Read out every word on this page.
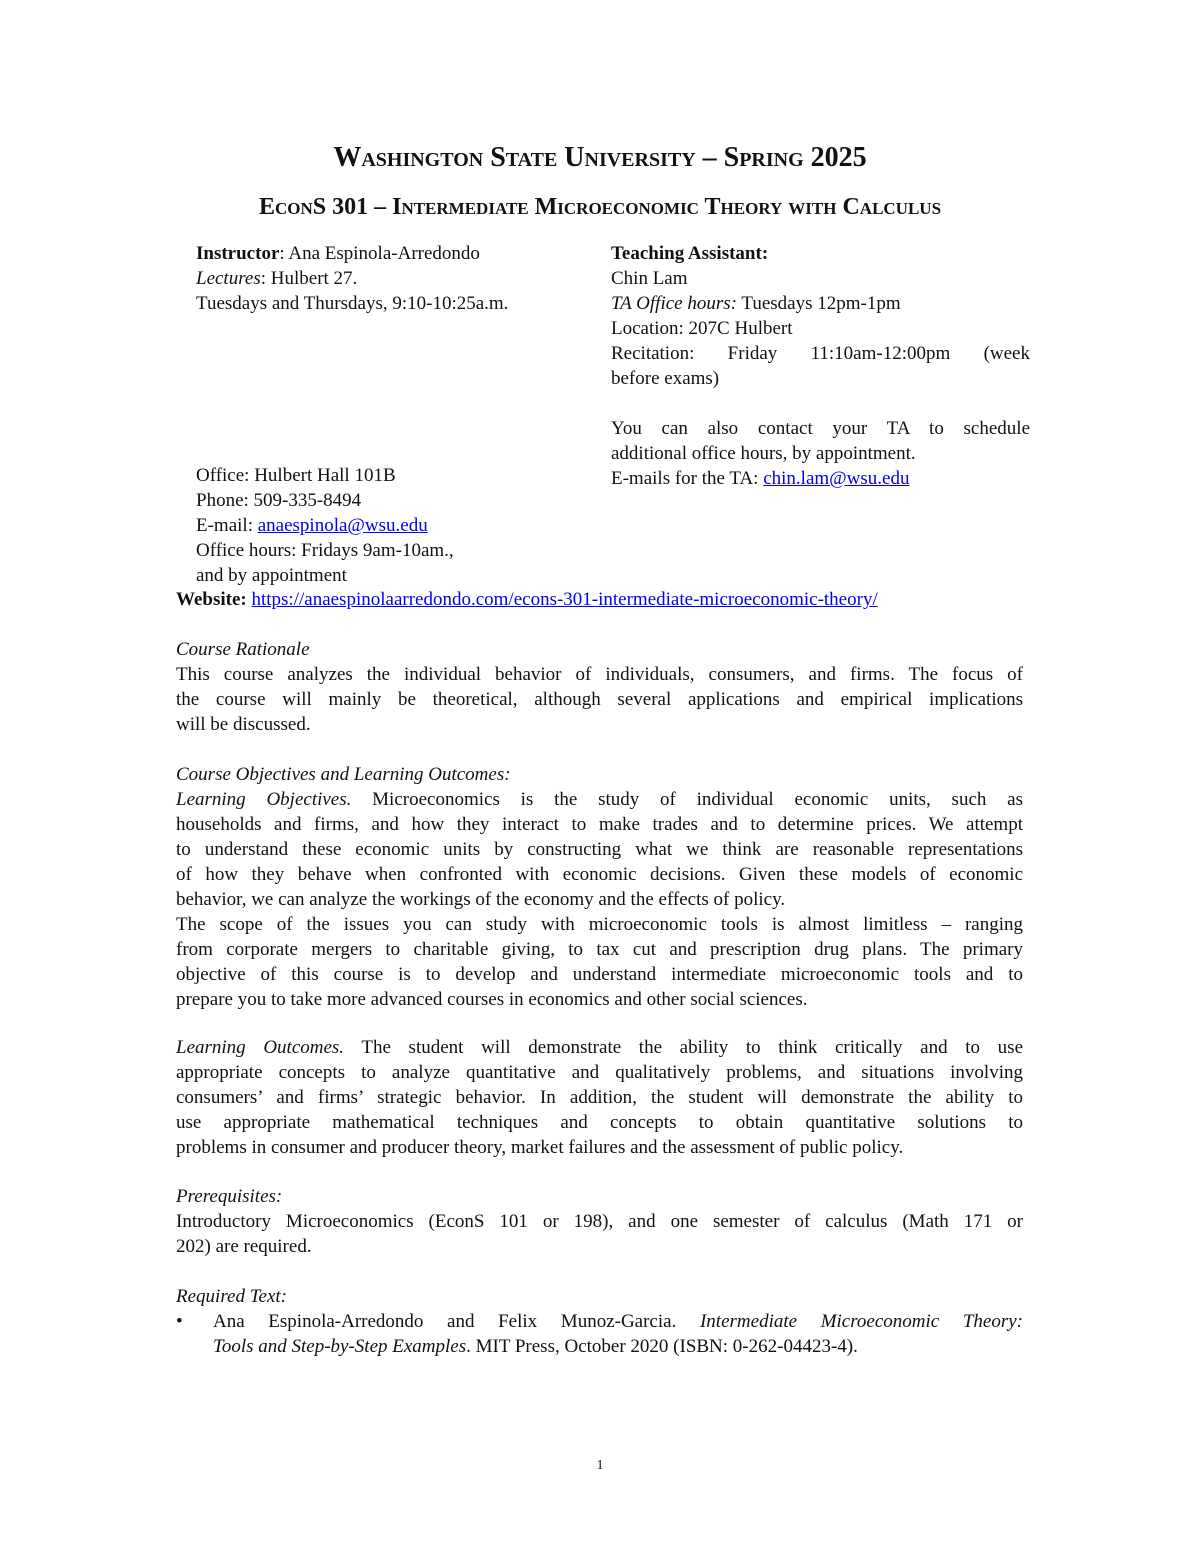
Washington State University – Spring 2025
EconS 301 – Intermediate Microeconomic Theory with Calculus
Instructor: Ana Espinola-Arredondo
Lectures: Hulbert 27.
Tuesdays and Thursdays, 9:10-10:25a.m.
Office: Hulbert Hall 101B
Phone: 509-335-8494
E-mail: anaespinola@wsu.edu
Office hours: Fridays 9am-10am.,
and by appointment
Teaching Assistant:
Chin Lam
TA Office hours: Tuesdays 12pm-1pm
Location: 207C Hulbert
Recitation: Friday 11:10am-12:00pm (week
before exams)
You can also contact your TA to schedule
additional office hours, by appointment.
E-mails for the TA: chin.lam@wsu.edu
Website: https://anaespinolaarredondo.com/econs-301-intermediate-microeconomic-theory/
Course Rationale
This course analyzes the individual behavior of individuals, consumers, and firms. The focus of
the course will mainly be theoretical, although several applications and empirical implications
will be discussed.
Course Objectives and Learning Outcomes:
Learning Objectives. Microeconomics is the study of individual economic units, such as
households and firms, and how they interact to make trades and to determine prices. We attempt
to understand these economic units by constructing what we think are reasonable representations
of how they behave when confronted with economic decisions. Given these models of economic
behavior, we can analyze the workings of the economy and the effects of policy.
The scope of the issues you can study with microeconomic tools is almost limitless – ranging
from corporate mergers to charitable giving, to tax cut and prescription drug plans. The primary
objective of this course is to develop and understand intermediate microeconomic tools and to
prepare you to take more advanced courses in economics and other social sciences.
Learning Outcomes. The student will demonstrate the ability to think critically and to use
appropriate concepts to analyze quantitative and qualitatively problems, and situations involving
consumers’ and firms’ strategic behavior. In addition, the student will demonstrate the ability to
use appropriate mathematical techniques and concepts to obtain quantitative solutions to
problems in consumer and producer theory, market failures and the assessment of public policy.
Prerequisites:
Introductory Microeconomics (EconS 101 or 198), and one semester of calculus (Math 171 or
202) are required.
Required Text:
• Ana Espinola-Arredondo and Felix Munoz-Garcia. Intermediate Microeconomic Theory:
Tools and Step-by-Step Examples. MIT Press, October 2020 (ISBN: 0-262-04423-4).
1
